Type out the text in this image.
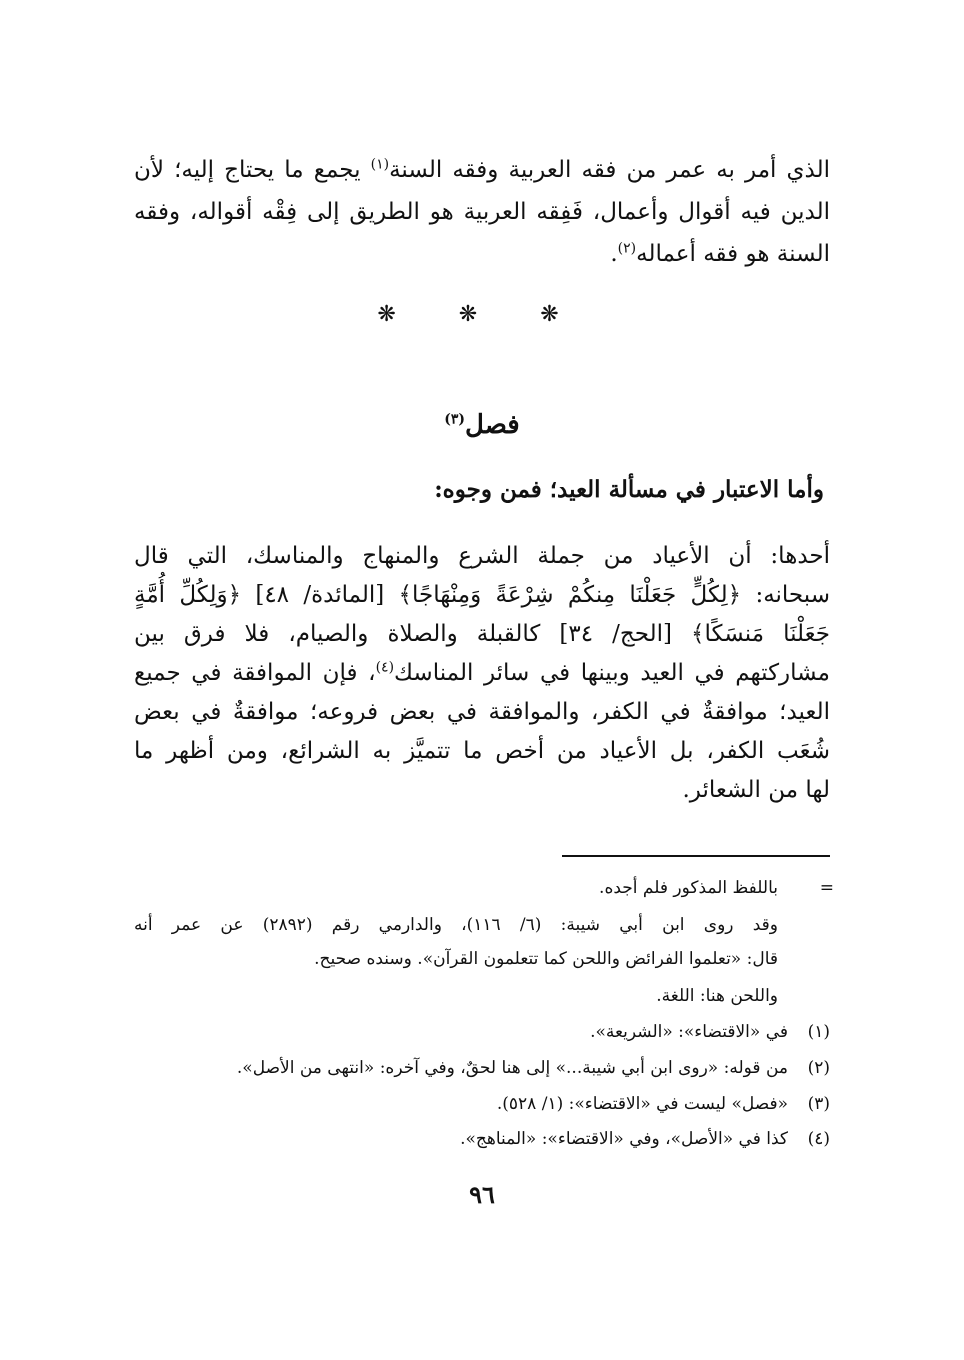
الذي أمر به عمر من فقه العربية وفقه السنة$^{(١)}$ يجمع ما يحتاج إليه؛ لأن
الدين فيه أقوال وأعمال، فَفِقه العربية هو الطريق إلى فِقْه أقواله، وفقه
السنة هو فقه أعماله$^{(٢)}$.
❋ ❋ ❋
فصل$^{(٣)}$
وأما الاعتبار في مسألة العيد؛ فمن وجوه:
أحدها: أن الأعياد من جملة الشرع والمنهاج والمناسك، التي قال
سبحانه: ﴿لِكُلٍّ جَعَلْنَا مِنكُمْ شِرْعَةً وَمِنْهَاجًا﴾ [المائدة/ ٤٨] ﴿وَلِكُلِّ أُمَّةٍ
جَعَلْنَا مَنسَكًا﴾ [الحج/ ٣٤] كالقبلة والصلاة والصيام، فلا فرق بين
مشاركتهم في العيد وبينها في سائر المناسك$^{(٤)}$، فإن الموافقة في جميع
العيد؛ موافقةٌ في الكفر، والموافقة في بعض فروعه؛ موافقةٌ في بعض
شُعَب الكفر، بل الأعياد من أخص ما تتميَّز به الشرائع، ومن أظهر ما
لها من الشعائر.
=
باللفظ المذكور فلم أجده.
وقد روى ابن أبي شيبة: (٦/ ١١٦)، والدارمي رقم (٢٨٩٢) عن عمر أنه
قال: «تعلموا الفرائض واللحن كما تتعلمون القرآن». وسنده صحيح.
واللحن هنا: اللغة.
(١)في «الاقتضاء»: «الشريعة».
(٢)من قوله: «روى ابن أبي شيبة...» إلى هنا لحقٌ، وفي آخره: «انتهى من الأصل».
(٣)«فصل» ليست في «الاقتضاء»: (١/ ٥٢٨).
(٤)كذا في «الأصل»، وفي «الاقتضاء»: «المناهج».
٩٦
